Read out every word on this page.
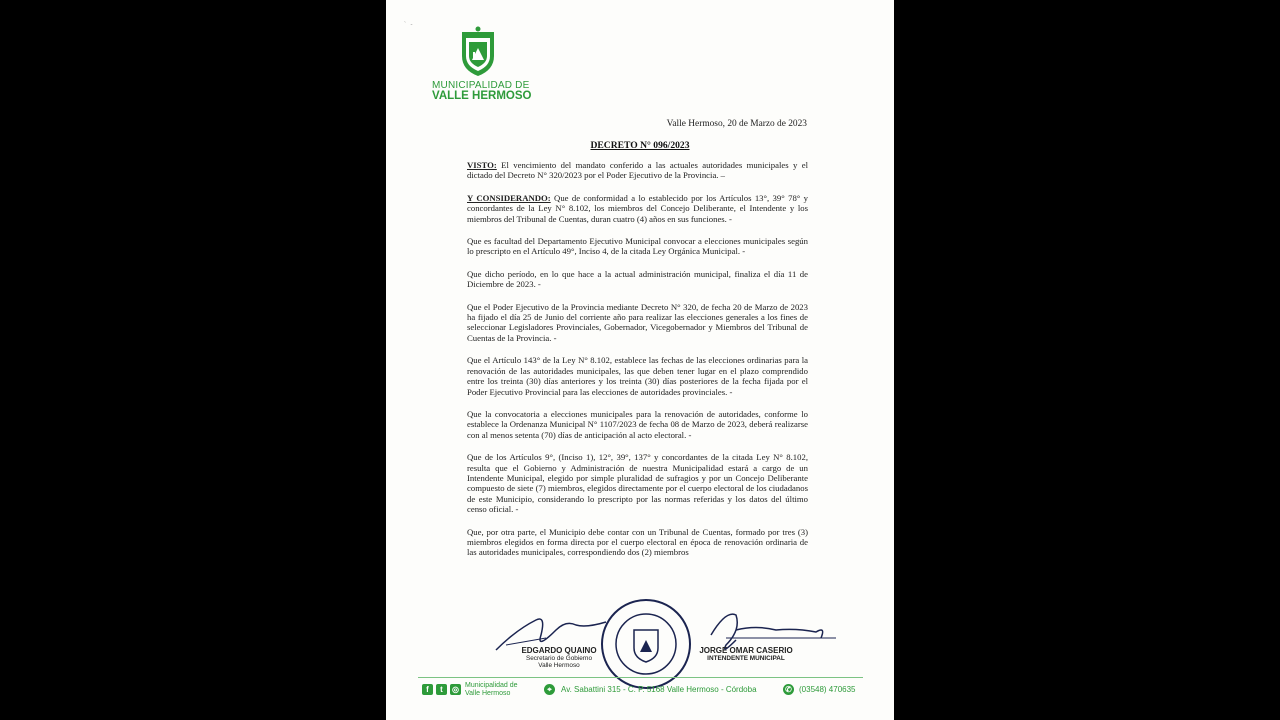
`   -
MUNICIPALIDAD DE
VALLE HERMOSO
Valle Hermoso, 20 de Marzo de 2023
DECRETO N° 096/2023

VISTO: El vencimiento del mandato conferido a las actuales autoridades municipales y el dictado del Decreto N° 320/2023 por el Poder Ejecutivo de la Provincia. –

Y CONSIDERANDO: Que de conformidad a lo establecido por los Artículos 13°, 39° 78° y concordantes de la Ley N° 8.102, los miembros del Concejo Deliberante, el Intendente y los miembros del Tribunal de Cuentas, duran cuatro (4) años en sus funciones. -

Que es facultad del Departamento Ejecutivo Municipal convocar a elecciones municipales según lo prescripto en el Artículo 49°, Inciso 4, de la citada Ley Orgánica Municipal. -

Que dicho período, en lo que hace a la actual administración municipal, finaliza el día 11 de Diciembre de 2023. -

Que el Poder Ejecutivo de la Provincia mediante Decreto N° 320, de fecha 20 de Marzo de 2023 ha fijado el día 25 de Junio del corriente año para realizar las elecciones generales a los fines de seleccionar Legisladores Provinciales, Gobernador, Vicegobernador y Miembros del Tribunal de Cuentas de la Provincia. -

Que el Artículo 143° de la Ley N° 8.102, establece las fechas de las elecciones ordinarias para la renovación de las autoridades municipales, las que deben tener lugar en el plazo comprendido entre los treinta (30) días anteriores y los treinta (30) días posteriores de la fecha fijada por el Poder Ejecutivo Provincial para las elecciones de autoridades provinciales. -

Que la convocatoria a elecciones municipales para la renovación de autoridades, conforme lo establece la Ordenanza Municipal N° 1107/2023 de fecha 08 de Marzo de 2023, deberá realizarse con al menos setenta (70) días de anticipación al acto electoral. -

Que de los Artículos 9°, (Inciso 1), 12°, 39°, 137° y concordantes de la citada Ley N° 8.102, resulta que el Gobierno y Administración de nuestra Municipalidad estará a cargo de un Intendente Municipal, elegido por simple pluralidad de sufragios y por un Concejo Deliberante compuesto de siete (7) miembros, elegidos directamente por el cuerpo electoral de los ciudadanos de este Municipio, considerando lo prescripto por las normas referidas y los datos del último censo oficial. -

Que, por otra parte, el Municipio debe contar con un Tribunal de Cuentas, formado por tres (3) miembros elegidos en forma directa por el cuerpo electoral en época de renovación ordinaria de las autoridades municipales, correspondiendo dos (2) miembros

EDGARDO QUAINO
Secretario de Gobierno
Valle Hermoso
JORGE OMAR CASERIO
INTENDENTE MUNICIPAL
f	t	◎ Municipalidad de
Valle Hermoso	⌖	Av. Sabattini 315 - C. P. 5168 Valle Hermoso - Córdoba	✆ (03548) 470635
